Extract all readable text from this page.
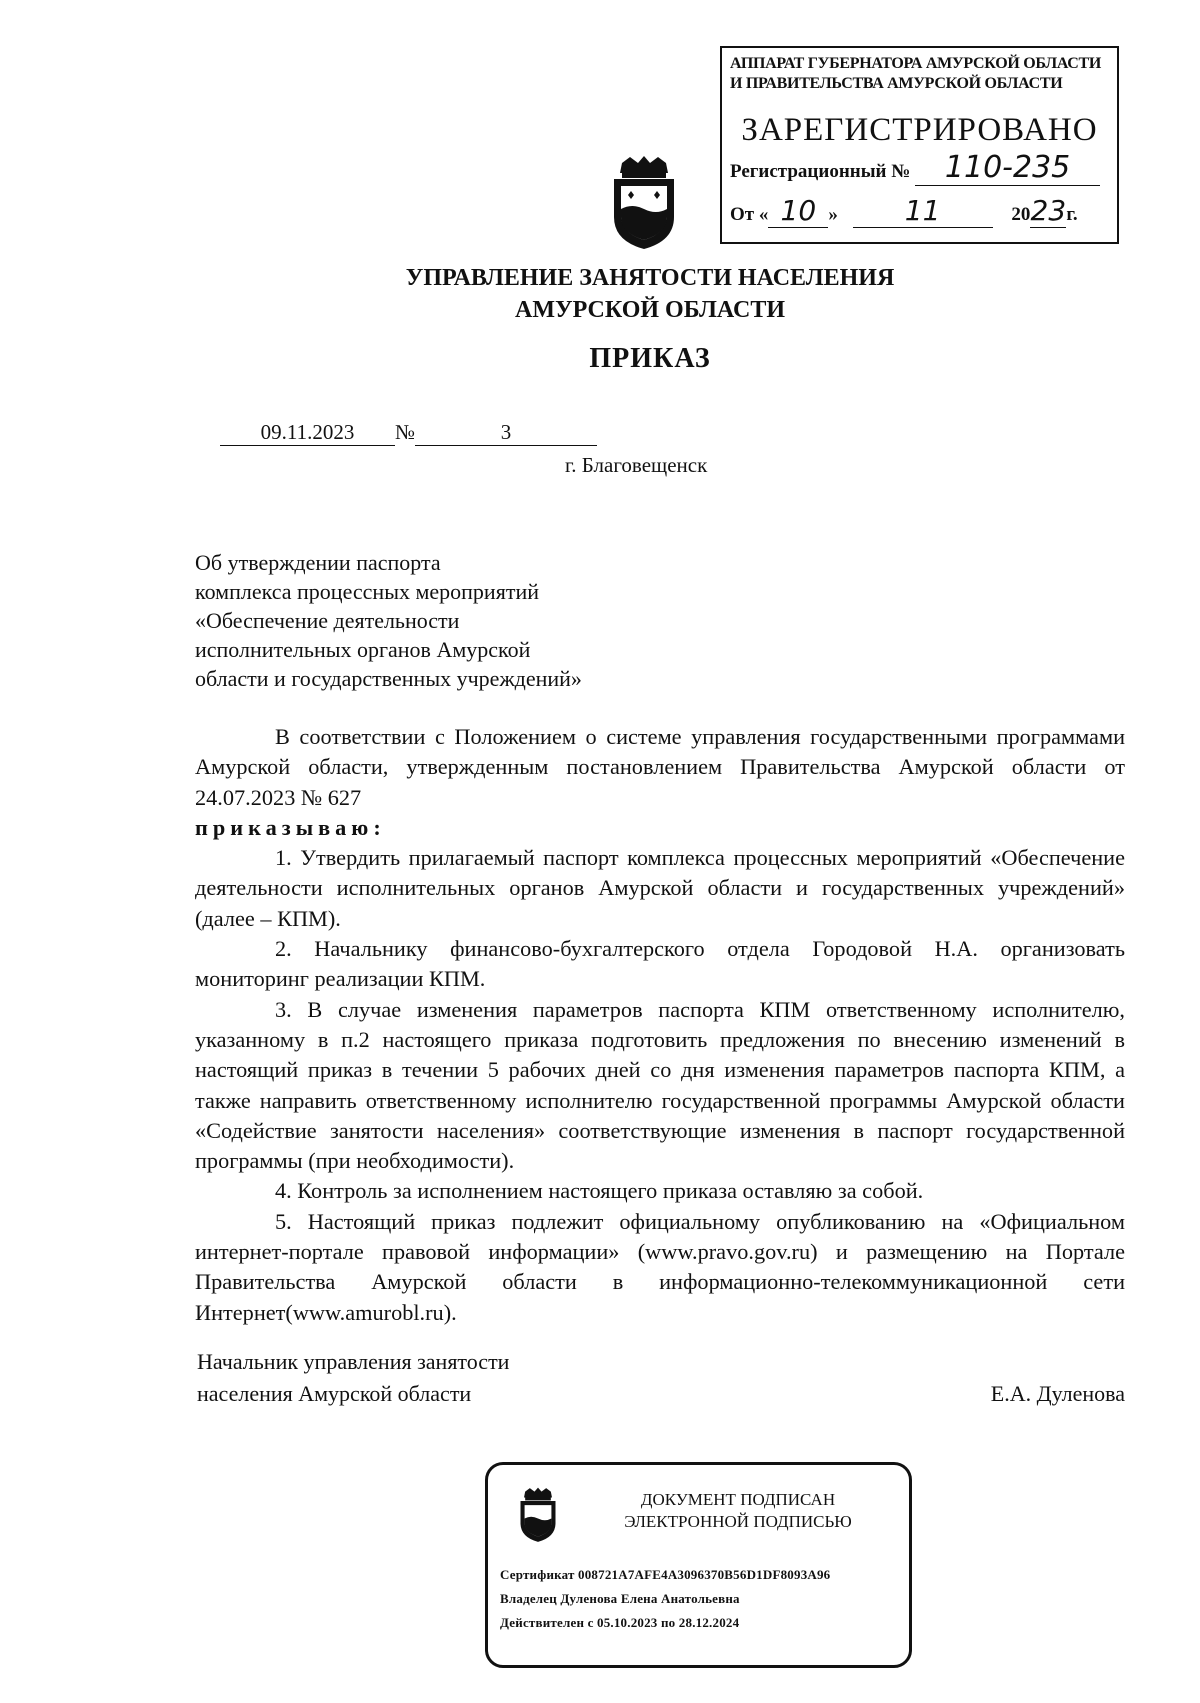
АППАРАТ ГУБЕРНАТОРА АМУРСКОЙ ОБЛАСТИ
И ПРАВИТЕЛЬСТВА АМУРСКОЙ ОБЛАСТИ
ЗАРЕГИСТРИРОВАНО
Регистрационный № 110-235
От « 10 » 11	2023г.
УПРАВЛЕНИЕ ЗАНЯТОСТИ НАСЕЛЕНИЯ
АМУРСКОЙ ОБЛАСТИ
ПРИКАЗ
09.11.2023 №	3
г. Благовещенск
Об утверждении паспорта
комплекса процессных мероприятий
«Обеспечение деятельности
исполнительных органов Амурской
области и государственных учреждений»

В соответствии с Положением о системе управления государственными программами Амурской области, утвержденным постановлением Правительства Амурской области от 24.07.2023 № 627

приказываю:

1. Утвердить прилагаемый паспорт комплекса процессных мероприятий «Обеспечение деятельности исполнительных органов Амурской области и государственных учреждений» (далее – КПМ).

2. Начальнику финансово-бухгалтерского отдела Городовой Н.А. организовать мониторинг реализации КПМ.

3. В случае изменения параметров паспорта КПМ ответственному исполнителю, указанному в п.2 настоящего приказа подготовить предложения по внесению изменений в настоящий приказ в течении 5 рабочих дней со дня изменения параметров паспорта КПМ, а также направить ответственному исполнителю государственной программы Амурской области «Содействие занятости населения» соответствующие изменения в паспорт государственной программы (при необходимости).

4. Контроль за исполнением настоящего приказа оставляю за собой.

5. Настоящий приказ подлежит официальному опубликованию на «Официальном интернет-портале правовой информации» (www.pravo.gov.ru) и размещению на Портале Правительства Амурской области в информационно-телекоммуникационной сети Интернет(www.amurobl.ru).

Начальник управления занятости
населения Амурской области	Е.А. Дуленова
ДОКУМЕНТ ПОДПИСАН
ЭЛЕКТРОННОЙ ПОДПИСЬЮ
Сертификат 008721A7AFE4A3096370B56D1DF8093A96
Владелец Дуленова Елена Анатольевна
Действителен с 05.10.2023 по 28.12.2024
